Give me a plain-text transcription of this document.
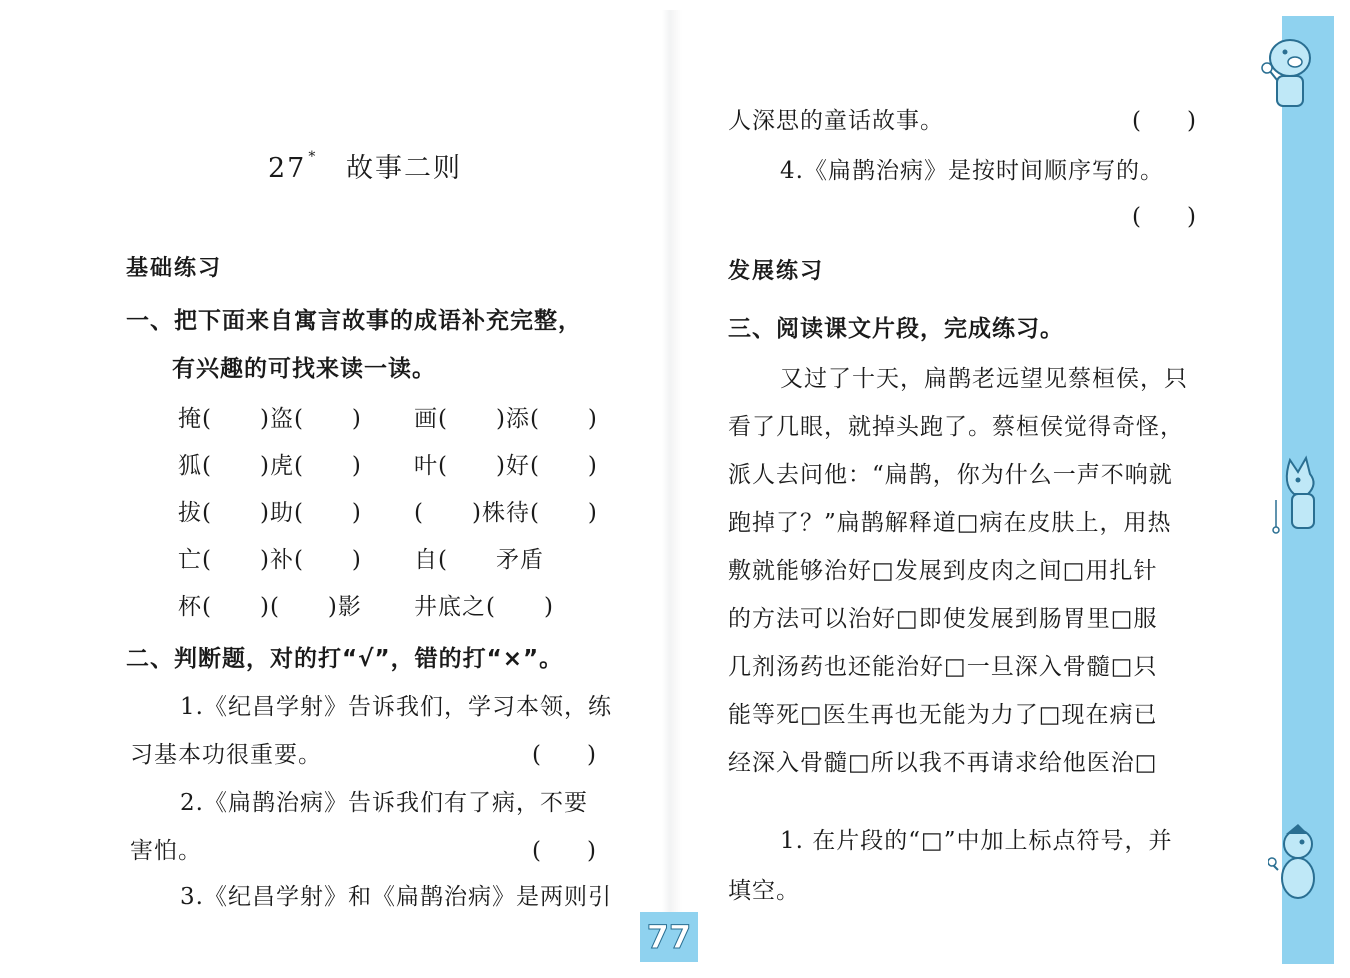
27 * 故事二则
基础练习
一、把下面来自寓言故事的成语补充完整，
有兴趣的可找来读一读。
掩(　　)盗(　　) 画(　　)添(　　)
狐(　　)虎(　　) 叶(　　)好(　　)
拔(　　)助(　　) (　　)株待(　　)
亡(　　)补(　　) 自(　　矛盾
杯(　　)(　　)影 井底之(　　)
二、判断题，对的打“√”，错的打“×”。
1.《纪昌学射》告诉我们，学习本领，练
习基本功很重要。	(　　)
2.《扁鹊治病》告诉我们有了病，不要
害怕。	(　　)
3.《纪昌学射》和《扁鹊治病》是两则引
人深思的童话故事。	(　　)
4.《扁鹊治病》是按时间顺序写的。
(　　)
发展练习
三、阅读课文片段，完成练习。
又过了十天，扁鹊老远望见蔡桓侯，只
看了几眼，就掉头跑了。蔡桓侯觉得奇怪，
派人去问他：“扁鹊，你为什么一声不响就
跑掉了？”扁鹊解释道□病在皮肤上，用热
敷就能够治好□发展到皮肉之间□用扎针
的方法可以治好□即使发展到肠胃里□服
几剂汤药也还能治好□一旦深入骨髓□只
能等死□医生再也无能为力了□现在病已
经深入骨髓□所以我不再请求给他医治□
1. 在片段的“□”中加上标点符号，并
填空。
77
